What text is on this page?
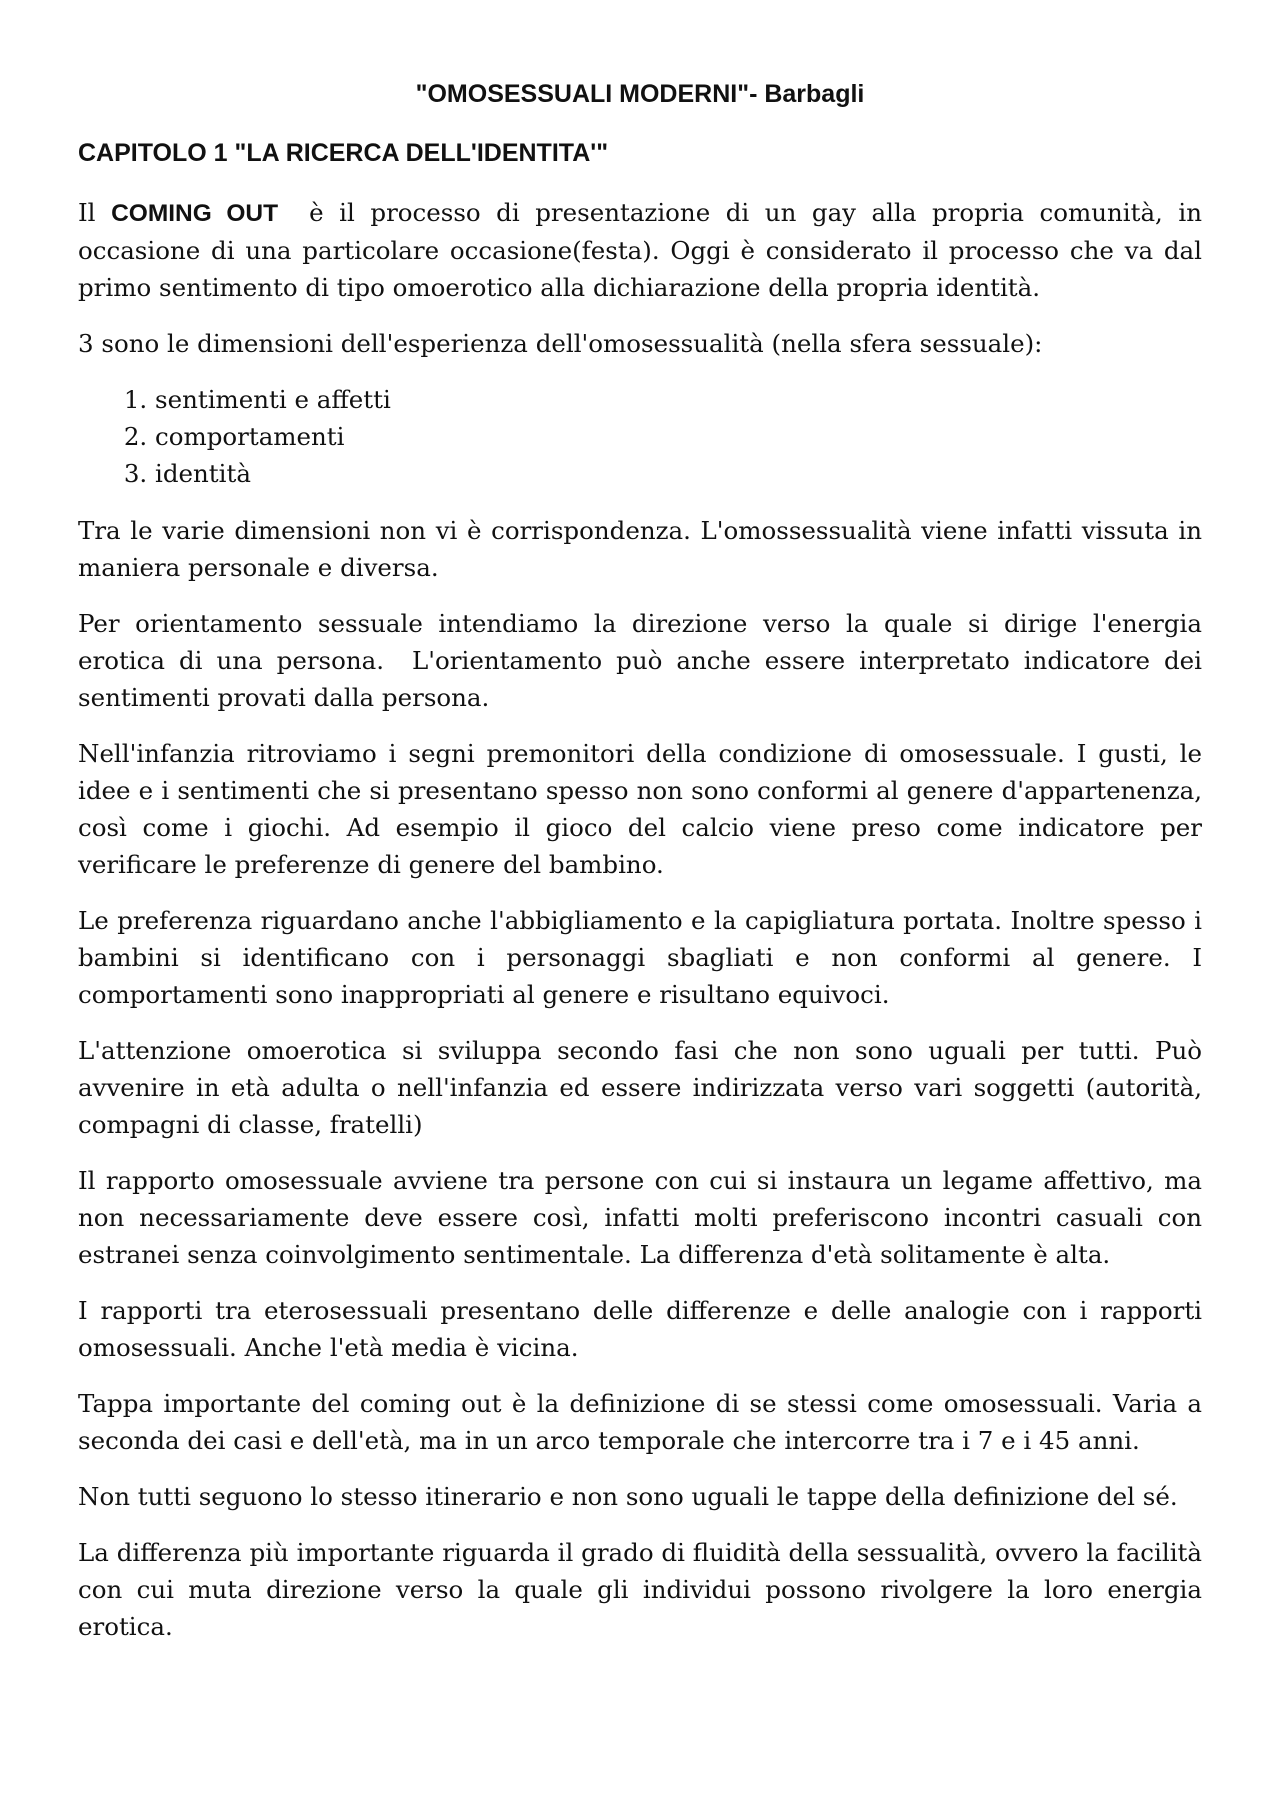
"OMOSESSUALI MODERNI"- Barbagli
CAPITOLO 1 "LA RICERCA DELL'IDENTITA'"

Il COMING OUT  è il processo di presentazione di un gay alla propria comunità, in occasione di una particolare occasione(festa). Oggi è considerato il processo che va dal primo sentimento di tipo omoerotico alla dichiarazione della propria identità.

3 sono le dimensioni dell'esperienza dell'omosessualità (nella sfera sessuale):

1. sentimenti e affetti
2. comportamenti
3. identità

Tra le varie dimensioni non vi è corrispondenza. L'omossessualità viene infatti vissuta in maniera personale e diversa.

Per orientamento sessuale intendiamo la direzione verso la quale si dirige l'energia erotica di una persona.  L'orientamento può anche essere interpretato indicatore dei sentimenti provati dalla persona.

Nell'infanzia ritroviamo i segni premonitori della condizione di omosessuale. I gusti, le idee e i sentimenti che si presentano spesso non sono conformi al genere d'appartenenza, così come i giochi. Ad esempio il gioco del calcio viene preso come indicatore per verificare le preferenze di genere del bambino.

Le preferenza riguardano anche l'abbigliamento e la capigliatura portata. Inoltre spesso i bambini si identificano con i personaggi sbagliati e non conformi al genere. I comportamenti sono inappropriati al genere e risultano equivoci.

L'attenzione omoerotica si sviluppa secondo fasi che non sono uguali per tutti. Può avvenire in età adulta o nell'infanzia ed essere indirizzata verso vari soggetti (autorità, compagni di classe, fratelli)

Il rapporto omosessuale avviene tra persone con cui si instaura un legame affettivo, ma non necessariamente deve essere così, infatti molti preferiscono incontri casuali con estranei senza coinvolgimento sentimentale. La differenza d'età solitamente è alta.

I rapporti tra eterosessuali presentano delle differenze e delle analogie con i rapporti omosessuali. Anche l'età media è vicina.

Tappa importante del coming out è la definizione di se stessi come omosessuali. Varia a seconda dei casi e dell'età, ma in un arco temporale che intercorre tra i 7 e i 45 anni.

Non tutti seguono lo stesso itinerario e non sono uguali le tappe della definizione del sé.

La differenza più importante riguarda il grado di fluidità della sessualità, ovvero la facilità con cui muta direzione verso la quale gli individui possono rivolgere la loro energia erotica.
